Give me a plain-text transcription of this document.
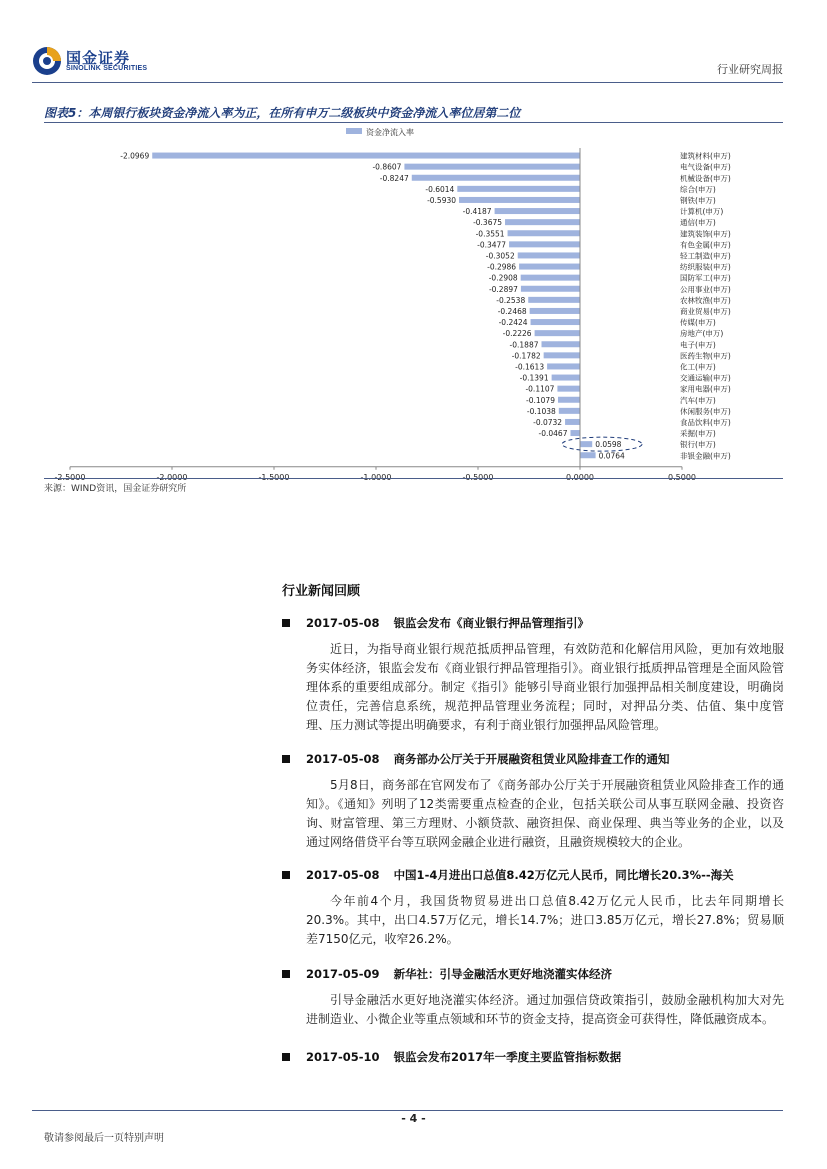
国金证券
SINOLINK SECURITIES	行业研究周报
图表5：本周银行板块资金净流入率为正，在所有申万二级板块中资金净流入率位居第二位
资金净流入率
-2.0969	建筑材料(申万)
-0.8607	电气设备(申万)
-0.8247	机械设备(申万)
-0.6014	综合(申万)
-0.5930	钢铁(申万)
-0.4187	计算机(申万)
-0.3675	通信(申万)
-0.3551	建筑装饰(申万)
-0.3477	有色金属(申万)
-0.3052	轻工制造(申万)
-0.2986	纺织服装(申万)
-0.2908	国防军工(申万)
-0.2897	公用事业(申万)
-0.2538	农林牧渔(申万)
-0.2468	商业贸易(申万)
-0.2424	传媒(申万)
-0.2226	房地产(申万)
-0.1887	电子(申万)
-0.1782	医药生物(申万)
-0.1613	化工(申万)
-0.1391	交通运输(申万)
-0.1107	家用电器(申万)
-0.1079	汽车(申万)
-0.1038	休闲服务(申万)
-0.0732	食品饮料(申万)
-0.0467	采掘(申万)
0.0598	银行(申万)
0.0764	非银金融(申万)
-2.5000	-2.0000	-1.5000	-1.0000	-0.5000	0.0000	0.5000
来源：WIND资讯，国金证券研究所
行业新闻回顾
2017-05-08 银监会发布《商业银行押品管理指引》
近日，为指导商业银行规范抵质押品管理，有效防范和化解信用风险，更加有效地服务实体经济，银监会发布《商业银行押品管理指引》。商业银行抵质押品管理是全面风险管理体系的重要组成部分。制定《指引》能够引导商业银行加强押品相关制度建设，明确岗位责任，完善信息系统，规范押品管理业务流程；同时，对押品分类、估值、集中度管理、压力测试等提出明确要求，有利于商业银行加强押品风险管理。
2017-05-08 商务部办公厅关于开展融资租赁业风险排查工作的通知
5月8日，商务部在官网发布了《商务部办公厅关于开展融资租赁业风险排查工作的通知》。《通知》列明了12类需要重点检查的企业，包括关联公司从事互联网金融、投资咨询、财富管理、第三方理财、小额贷款、融资担保、商业保理、典当等业务的企业，以及通过网络借贷平台等互联网金融企业进行融资，且融资规模较大的企业。
2017-05-08 中国1-4月进出口总值8.42万亿元人民币，同比增长20.3%--海关
今年前4个月，我国货物贸易进出口总值8.42万亿元人民币，比去年同期增长20.3%。其中，出口4.57万亿元，增长14.7%；进口3.85万亿元，增长27.8%；贸易顺差7150亿元，收窄26.2%。
2017-05-09 新华社：引导金融活水更好地浇灌实体经济
引导金融活水更好地浇灌实体经济。通过加强信贷政策指引，鼓励金融机构加大对先进制造业、小微企业等重点领域和环节的资金支持，提高资金可获得性，降低融资成本。
2017-05-10 银监会发布2017年一季度主要监管指标数据
- 4 -
敬请参阅最后一页特别声明
